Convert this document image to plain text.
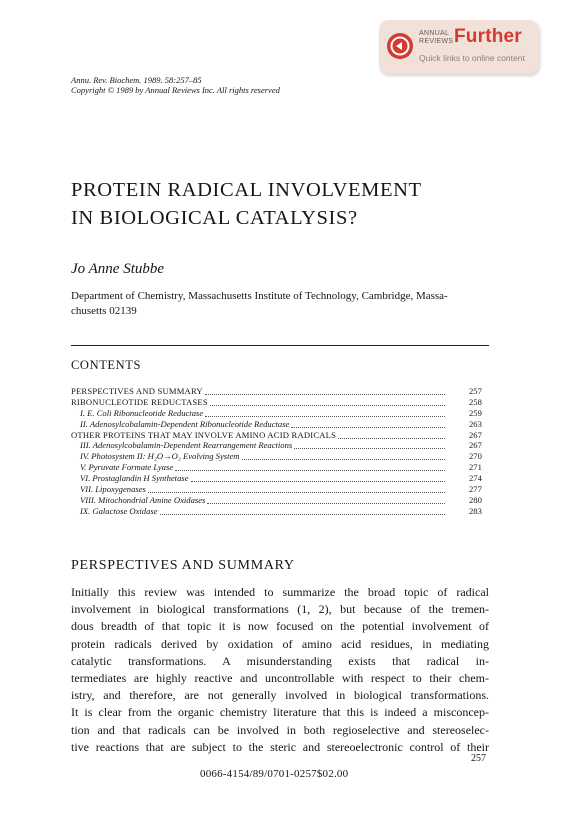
ANNUAL
REVIEWS Further
Quick links to online content
Annu. Rev. Biochem. 1989. 58:257–85
Copyright © 1989 by Annual Reviews Inc. All rights reserved
PROTEIN RADICAL INVOLVEMENT
IN BIOLOGICAL CATALYSIS?
Jo Anne Stubbe
Department of Chemistry, Massachusetts Institute of Technology, Cambridge, Massa-
chusetts 02139
CONTENTS
PERSPECTIVES AND SUMMARY	257
RIBONUCLEOTIDE REDUCTASES	258
I. E. Coli Ribonucleotide Reductase	259
II. Adenosylcobalamin-Dependent Ribonucleotide Reductase	263
OTHER PROTEINS THAT MAY INVOLVE AMINO ACID RADICALS	267
III. Adenosylcobalamin-Dependent Rearrangement Reactions	267
IV. Photosystem II: H₂O→O₂ Evolving System	270
V. Pyruvate Formate Lyase	271
VI. Prostaglandin H Synthetase	274
VII. Lipoxygenases	277
VIII. Mitochondrial Amine Oxidases	280
IX. Galactose Oxidase	283
PERSPECTIVES AND SUMMARY
Initially this review was intended to summarize the broad topic of radical
involvement in biological transformations (1, 2), but because of the tremen-
dous breadth of that topic it is now focused on the potential involvement of
protein radicals derived by oxidation of amino acid residues, in mediating
catalytic transformations. A misunderstanding exists that radical in-
termediates are highly reactive and uncontrollable with respect to their chem-
istry, and therefore, are not generally involved in biological transformations.
It is clear from the organic chemistry literature that this is indeed a misconcep-
tion and that radicals can be involved in both regioselective and stereoselec-
tive reactions that are subject to the steric and stereoelectronic control of their
257
0066-4154/89/0701-0257$02.00
